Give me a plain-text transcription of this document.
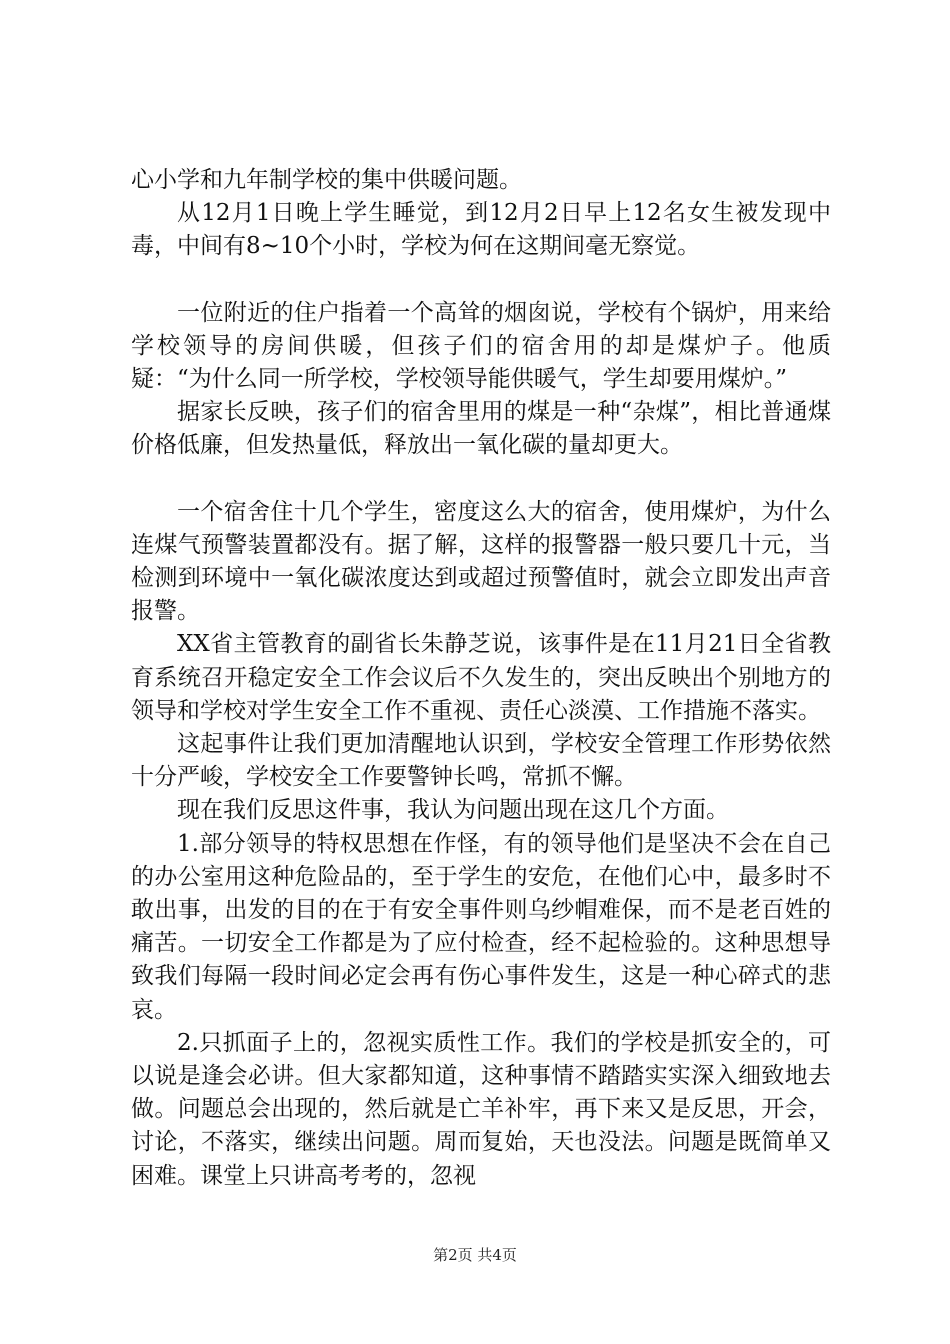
心小学和九年制学校的集中供暖问题。

从12月1日晚上学生睡觉，到12月2日早上12名女生被发现中毒，中间有8~10个小时，学校为何在这期间毫无察觉。

一位附近的住户指着一个高耸的烟囱说，学校有个锅炉，用来给学校领导的房间供暖，但孩子们的宿舍用的却是煤炉子。他质疑：“为什么同一所学校，学校领导能供暖气，学生却要用煤炉。”

据家长反映，孩子们的宿舍里用的煤是一种“杂煤”，相比普通煤价格低廉，但发热量低，释放出一氧化碳的量却更大。

一个宿舍住十几个学生，密度这么大的宿舍，使用煤炉，为什么连煤气预警装置都没有。据了解，这样的报警器一般只要几十元，当检测到环境中一氧化碳浓度达到或超过预警值时，就会立即发出声音报警。

XX省主管教育的副省长朱静芝说，该事件是在11月21日全省教育系统召开稳定安全工作会议后不久发生的，突出反映出个别地方的领导和学校对学生安全工作不重视、责任心淡漠、工作措施不落实。

这起事件让我们更加清醒地认识到，学校安全管理工作形势依然十分严峻，学校安全工作要警钟长鸣，常抓不懈。

现在我们反思这件事，我认为问题出现在这几个方面。

1.部分领导的特权思想在作怪，有的领导他们是坚决不会在自己的办公室用这种危险品的，至于学生的安危，在他们心中，最多时不敢出事，出发的目的在于有安全事件则乌纱帽难保，而不是老百姓的痛苦。一切安全工作都是为了应付检查，经不起检验的。这种思想导致我们每隔一段时间必定会再有伤心事件发生，这是一种心碎式的悲哀。

2.只抓面子上的，忽视实质性工作。我们的学校是抓安全的，可以说是逢会必讲。但大家都知道，这种事情不踏踏实实深入细致地去做。问题总会出现的，然后就是亡羊补牢，再下来又是反思，开会，讨论，不落实，继续出问题。周而复始，天也没法。问题是既简单又困难。课堂上只讲高考考的，忽视

第2页 共4页
